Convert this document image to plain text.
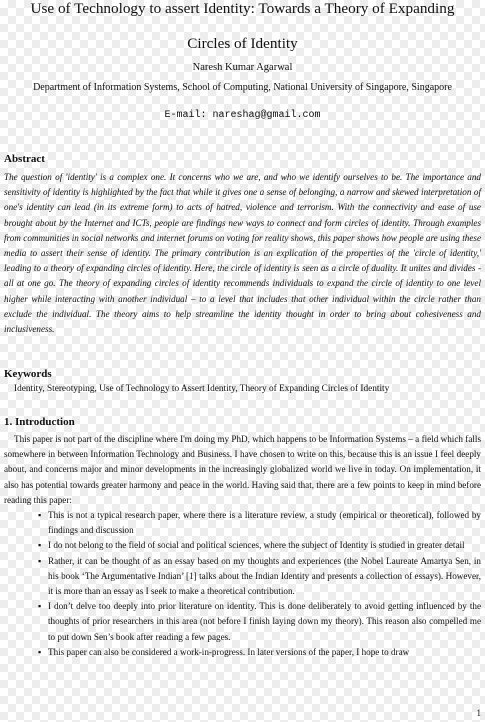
Use of Technology to assert Identity: Towards a Theory of Expanding
Circles of Identity
Naresh Kumar Agarwal
Department of Information Systems, School of Computing, National University of Singapore, Singapore
E-mail: nareshag@gmail.com
Abstract
The question of 'identity' is a complex one. It concerns who we are, and who we identify ourselves to be. The importance and sensitivity of identity is highlighted by the fact that while it gives one a sense of belonging, a narrow and skewed interpretation of one's identity can lead (in its extreme form) to acts of hatred, violence and terrorism. With the connectivity and ease of use brought about by the Internet and ICTs, people are findings new ways to connect and form circles of identity. Through examples from communities in social networks and internet forums on voting for reality shows, this paper shows how people are using these media to assert their sense of identity. The primary contribution is an explication of the properties of the 'circle of identity,' leading to a theory of expanding circles of identity. Here, the circle of identity is seen as a circle of duality. It unites and divides - all at one go. The theory of expanding circles of identity recommends individuals to expand the circle of identity to one level higher while interacting with another individual – to a level that includes that other individual within the circle rather than exclude the individual. The theory aims to help streamline the identity thought in order to bring about cohesiveness and inclusiveness.
Keywords
Identity, Stereotyping, Use of Technology to Assert Identity, Theory of Expanding Circles of Identity
1. Introduction

This paper is not part of the discipline where I'm doing my PhD, which happens to be Information Systems – a field which falls somewhere in between Information Technology and Business. I have chosen to write on this, because this is an issue I feel deeply about, and concerns major and minor developments in the increasingly globalized world we live in today. On implementation, it also has potential towards greater harmony and peace in the world. Having said that, there are a few points to keep in mind before reading this paper:

▪ This is not a typical research paper, where there is a literature review, a study (empirical or theoretical), followed by findings and discussion
▪ I do not belong to the field of social and political sciences, where the subject of Identity is studied in greater detail
▪ Rather, it can be thought of as an essay based on my thoughts and experiences (the Nobel Laureate Amartya Sen, in his book ‘The Argumentative Indian’ [1] talks about the Indian Identity and presents a collection of essays). However, it is more than an essay as I seek to make a theoretical contribution.
▪ I don’t delve too deeply into prior literature on identity. This is done deliberately to avoid getting influenced by the thoughts of prior researchers in this area (not before I finish laying down my theory). This reason also compelled me to put down Sen’s book after reading a few pages.
▪ This paper can also be considered a work-in-progress. In later versions of the paper, I hope to draw
1
